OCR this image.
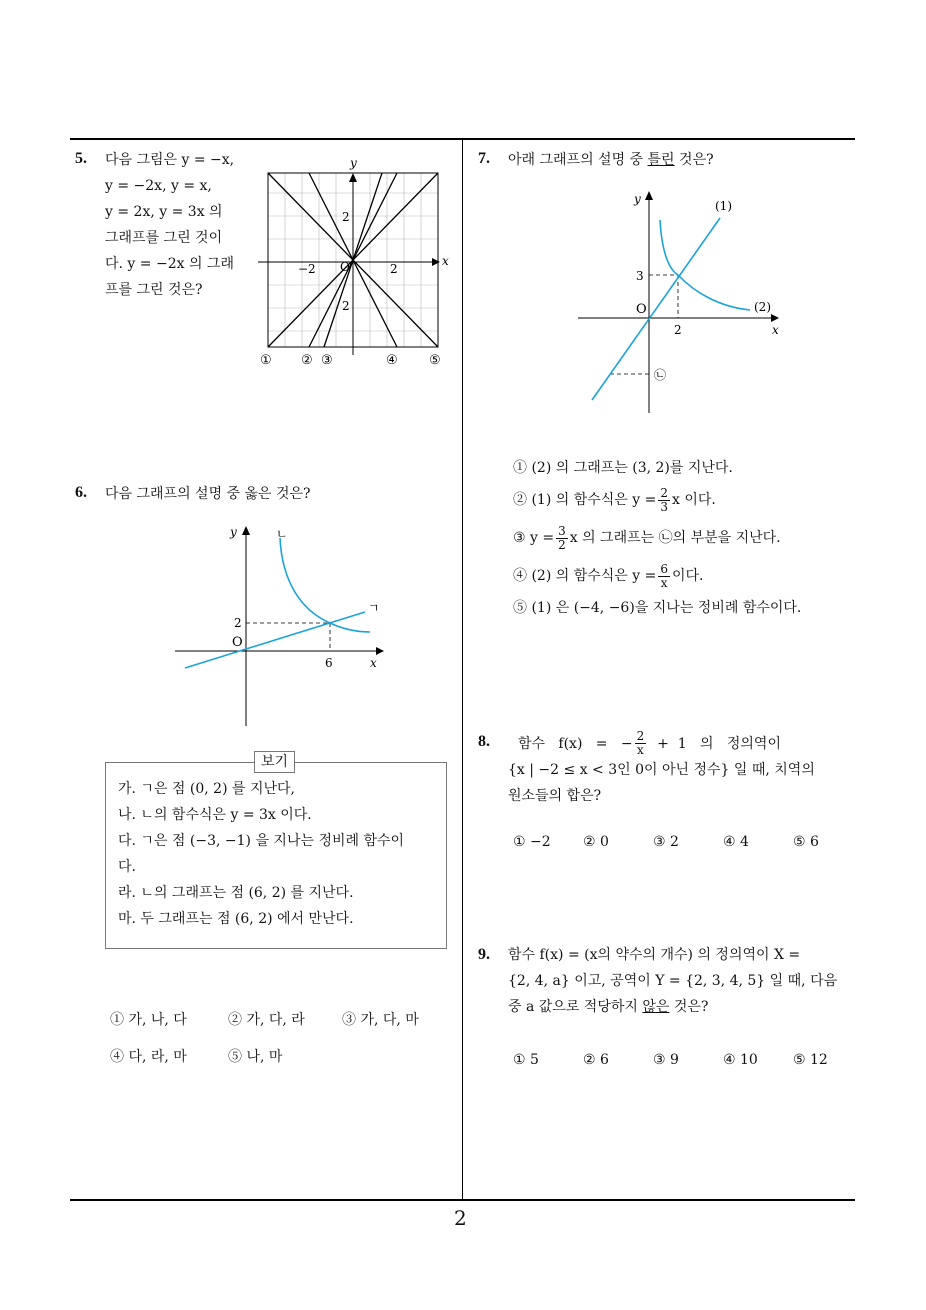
2
5. 다음 그림은 y = −x,
y = −2x, y = x,
y = 2x, y = 3x 의
그래프를 그린 것이
다. y = −2x 의 그래
프를 그린 것은?
y
x
O
−2	2
2
2
① ② ③	④ ⑤
6. 다음 그래프의 설명 중 옳은 것은?
y
x
O
2
6
ㄴ
ㄱ
보기
가. ㄱ은 점 (0, 2) 를 지난다,
나. ㄴ의 함수식은 y = 3x 이다.
다. ㄱ은 점 (−3, −1) 을 지나는 정비례 함수이
다.
라. ㄴ의 그래프는 점 (6, 2) 를 지난다.
마. 두 그래프는 점 (6, 2) 에서 만난다.
① 가, 나, 다	② 가, 다, 라	③ 가, 다, 마
④ 다, 라, 마	⑤ 나, 마
7. 아래 그래프의 설명 중 틀린 것은?
y
x
O
3
2
(1)
(2)
㉡
① (2) 의 그래프는 (3, 2)를 지난다.
② (1) 의 함수식은 $y = \frac{2}{3}$ x 이다.
③ $y = \frac{3}{2}$ x 의 그래프는 ㉡의 부분을 지난다.
④ (2) 의 함수식은 $y = \frac{6}{x}$ 이다.
⑤ (1) 은 (−4, −6)을 지나는 정비례 함수이다.
8. 함수   f(x)   =   − $\frac{2}{x} + 1$   의   정의역이
{x | −2 ≤ x < 3인 0이 아닌 정수} 일 때, 치역의
원소들의 합은?
① −2 ② 0	③ 2	④ 4	⑤ 6
9. 함수 f(x) = (x의 약수의 개수) 의 정의역이 X =
{2, 4, a} 이고, 공역이 Y = {2, 3, 4, 5} 일 때, 다음
중 a 값으로 적당하지 않은 것은?
① 5	② 6	③ 9	④ 10	⑤ 12
